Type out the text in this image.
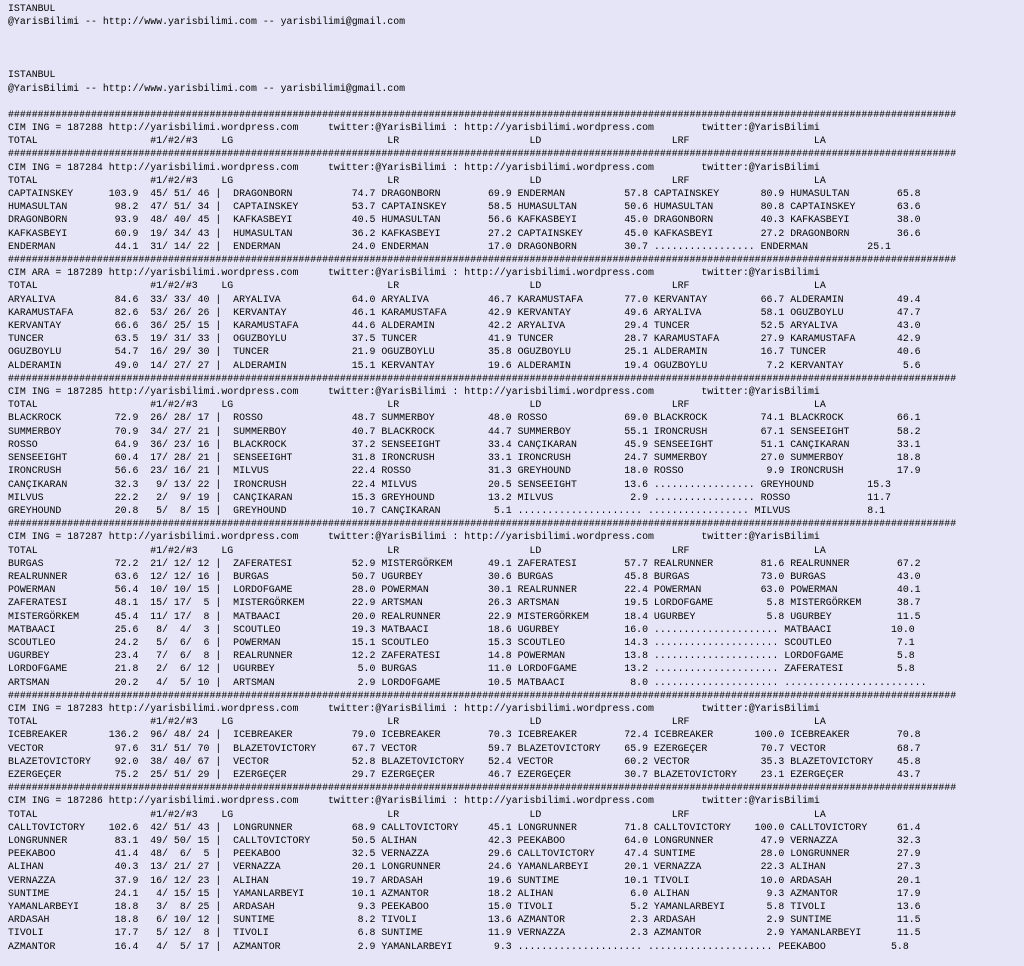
ISTANBUL
@YarisBilimi -- http://www.yarisbilimi.com -- yarisbilimi@gmail.com
ISTANBUL
@YarisBilimi -- http://www.yarisbilimi.com -- yarisbilimi@gmail.com
################################################################################################################################################################
CIM ING = 187288 http://yarisbilimi.wordpress.com     twitter:@YarisBilimi : http://yarisbilimi.wordpress.com        twitter:@YarisBilimi
TOTAL                   #1/#2/#3    LG                          LR                      LD                      LRF                     LA
################################################################################################################################################################
CIM ING = 187284 http://yarisbilimi.wordpress.com     twitter:@YarisBilimi : http://yarisbilimi.wordpress.com        twitter:@YarisBilimi
TOTAL                   #1/#2/#3    LG                          LR                      LD                      LRF                     LA
CAPTAINSKEY      103.9  45/ 51/ 46 |  DRAGONBORN          74.7 DRAGONBORN        69.9 ENDERMAN          57.8 CAPTAINSKEY       80.9 HUMASULTAN        65.8
HUMASULTAN        98.2  47/ 51/ 34 |  CAPTAINSKEY         53.7 CAPTAINSKEY       58.5 HUMASULTAN        50.6 HUMASULTAN        80.8 CAPTAINSKEY       63.6
DRAGONBORN        93.9  48/ 40/ 45 |  KAFKASBEYI          40.5 HUMASULTAN        56.6 KAFKASBEYI        45.0 DRAGONBORN        40.3 KAFKASBEYI        38.0
KAFKASBEYI        60.9  19/ 34/ 43 |  HUMASULTAN          36.2 KAFKASBEYI        27.2 CAPTAINSKEY       45.0 KAFKASBEYI        27.2 DRAGONBORN        36.6
ENDERMAN          44.1  31/ 14/ 22 |  ENDERMAN            24.0 ENDERMAN          17.0 DRAGONBORN        30.7 ................. ENDERMAN          25.1
################################################################################################################################################################
CIM ARA = 187289 http://yarisbilimi.wordpress.com     twitter:@YarisBilimi : http://yarisbilimi.wordpress.com        twitter:@YarisBilimi
TOTAL                   #1/#2/#3    LG                          LR                      LD                      LRF                     LA
ARYALIVA          84.6  33/ 33/ 40 |  ARYALIVA            64.0 ARYALIVA          46.7 KARAMUSTAFA       77.0 KERVANTAY         66.7 ALDERAMIN         49.4
KARAMUSTAFA       82.6  53/ 26/ 26 |  KERVANTAY           46.1 KARAMUSTAFA       42.9 KERVANTAY         49.6 ARYALIVA          58.1 OGUZBOYLU         47.7
KERVANTAY         66.6  36/ 25/ 15 |  KARAMUSTAFA         44.6 ALDERAMIN         42.2 ARYALIVA          29.4 TUNCER            52.5 ARYALIVA          43.0
TUNCER            63.5  19/ 31/ 33 |  OGUZBOYLU           37.5 TUNCER            41.9 TUNCER            28.7 KARAMUSTAFA       27.9 KARAMUSTAFA       42.9
OGUZBOYLU         54.7  16/ 29/ 30 |  TUNCER              21.9 OGUZBOYLU         35.8 OGUZBOYLU         25.1 ALDERAMIN         16.7 TUNCER            40.6
ALDERAMIN         49.0  14/ 27/ 27 |  ALDERAMIN           15.1 KERVANTAY         19.6 ALDERAMIN         19.4 OGUZBOYLU          7.2 KERVANTAY          5.6
################################################################################################################################################################
CIM ING = 187285 http://yarisbilimi.wordpress.com     twitter:@YarisBilimi : http://yarisbilimi.wordpress.com        twitter:@YarisBilimi
TOTAL                   #1/#2/#3    LG                          LR                      LD                      LRF                     LA
BLACKROCK         72.9  26/ 28/ 17 |  ROSSO               48.7 SUMMERBOY         48.0 ROSSO             69.0 BLACKROCK         74.1 BLACKROCK         66.1
SUMMERBOY         70.9  34/ 27/ 21 |  SUMMERBOY           40.7 BLACKROCK         44.7 SUMMERBOY         55.1 IRONCRUSH         67.1 SENSEEIGHT        58.2
ROSSO             64.9  36/ 23/ 16 |  BLACKROCK           37.2 SENSEEIGHT        33.4 CANÇIKARAN        45.9 SENSEEIGHT        51.1 CANÇIKARAN        33.1
SENSEEIGHT        60.4  17/ 28/ 21 |  SENSEEIGHT          31.8 IRONCRUSH         33.1 IRONCRUSH         24.7 SUMMERBOY         27.0 SUMMERBOY         18.8
IRONCRUSH         56.6  23/ 16/ 21 |  MILVUS              22.4 ROSSO             31.3 GREYHOUND         18.0 ROSSO              9.9 IRONCRUSH         17.9
CANÇIKARAN        32.3   9/ 13/ 22 |  IRONCRUSH           22.4 MILVUS            20.5 SENSEEIGHT        13.6 ................. GREYHOUND         15.3
MILVUS            22.2   2/  9/ 19 |  CANÇIKARAN          15.3 GREYHOUND         13.2 MILVUS             2.9 ................. ROSSO             11.7
GREYHOUND         20.8   5/  8/ 15 |  GREYHOUND           10.7 CANÇIKARAN         5.1 ..................... ................. MILVUS             8.1
################################################################################################################################################################
CIM ING = 187287 http://yarisbilimi.wordpress.com     twitter:@YarisBilimi : http://yarisbilimi.wordpress.com        twitter:@YarisBilimi
TOTAL                   #1/#2/#3    LG                          LR                      LD                      LRF                     LA
BURGAS            72.2  21/ 12/ 12 |  ZAFERATESI          52.9 MISTERGÖRKEM      49.1 ZAFERATESI        57.7 REALRUNNER        81.6 REALRUNNER        67.2
REALRUNNER        63.6  12/ 12/ 16 |  BURGAS              50.7 UGURBEY           30.6 BURGAS            45.8 BURGAS            73.0 BURGAS            43.0
POWERMAN          56.4  10/ 10/ 15 |  LORDOFGAME          28.0 POWERMAN          30.1 REALRUNNER        22.4 POWERMAN          63.0 POWERMAN          40.1
ZAFERATESI        48.1  15/ 17/  5 |  MISTERGÖRKEM        22.9 ARTSMAN           26.3 ARTSMAN           19.5 LORDOFGAME         5.8 MISTERGÖRKEM      38.7
MISTERGÖRKEM      45.4  11/ 17/  8 |  MATBAACI            20.0 REALRUNNER        22.9 MISTERGÖRKEM      18.4 UGURBEY            5.8 UGURBEY           11.5
MATBAACI          25.6   8/  4/  3 |  SCOUTLEO            19.3 MATBAACI          18.6 UGURBEY           16.0 ..................... MATBAACI          10.0
SCOUTLEO          24.2   5/  6/  6 |  POWERMAN            15.1 SCOUTLEO          15.3 SCOUTLEO          14.3 ..................... SCOUTLEO           7.1
UGURBEY           23.4   7/  6/  8 |  REALRUNNER          12.2 ZAFERATESI        14.8 POWERMAN          13.8 ..................... LORDOFGAME         5.8
LORDOFGAME        21.8   2/  6/ 12 |  UGURBEY              5.0 BURGAS            11.0 LORDOFGAME        13.2 ..................... ZAFERATESI         5.8
ARTSMAN           20.2   4/  5/ 10 |  ARTSMAN              2.9 LORDOFGAME        10.5 MATBAACI           8.0 ..................... ........................
################################################################################################################################################################
CIM ING = 187283 http://yarisbilimi.wordpress.com     twitter:@YarisBilimi : http://yarisbilimi.wordpress.com        twitter:@YarisBilimi
TOTAL                   #1/#2/#3    LG                          LR                      LD                      LRF                     LA
ICEBREAKER       136.2  96/ 48/ 24 |  ICEBREAKER          79.0 ICEBREAKER        70.3 ICEBREAKER        72.4 ICEBREAKER       100.0 ICEBREAKER        70.8
VECTOR            97.6  31/ 51/ 70 |  BLAZETOVICTORY      67.7 VECTOR            59.7 BLAZETOVICTORY    65.9 EZERGEÇER         70.7 VECTOR            68.7
BLAZETOVICTORY    92.0  38/ 40/ 67 |  VECTOR              52.8 BLAZETOVICTORY    52.4 VECTOR            60.2 VECTOR            35.3 BLAZETOVICTORY    45.8
EZERGEÇER         75.2  25/ 51/ 29 |  EZERGEÇER           29.7 EZERGEÇER         46.7 EZERGEÇER         30.7 BLAZETOVICTORY    23.1 EZERGEÇER         43.7
################################################################################################################################################################
CIM ING = 187286 http://yarisbilimi.wordpress.com     twitter:@YarisBilimi : http://yarisbilimi.wordpress.com        twitter:@YarisBilimi
TOTAL                   #1/#2/#3    LG                          LR                      LD                      LRF                     LA
CALLTOVICTORY    102.6  42/ 51/ 43 |  LONGRUNNER          68.9 CALLTOVICTORY     45.1 LONGRUNNER        71.8 CALLTOVICTORY    100.0 CALLTOVICTORY     61.4
LONGRUNNER        83.1  49/ 50/ 15 |  CALLTOVICTORY       50.5 ALIHAN            42.3 PEEKABOO          64.0 LONGRUNNER        47.9 VERNAZZA          32.3
PEEKABOO          41.4  48/  6/  5 |  PEEKABOO            32.5 VERNAZZA          29.6 CALLTOVICTORY     47.4 SUNTIME           28.0 LONGRUNNER        27.9
ALIHAN            40.3  13/ 21/ 27 |  VERNAZZA            20.1 LONGRUNNER        24.6 YAMANLARBEYI      20.1 VERNAZZA          22.3 ALIHAN            27.3
VERNAZZA          37.9  16/ 12/ 23 |  ALIHAN              19.7 ARDASAH           19.6 SUNTIME           10.1 TIVOLI            10.0 ARDASAH           20.1
SUNTIME           24.1   4/ 15/ 15 |  YAMANLARBEYI        10.1 AZMANTOR          18.2 ALIHAN             6.0 ALIHAN             9.3 AZMANTOR          17.9
YAMANLARBEYI      18.8   3/  8/ 25 |  ARDASAH              9.3 PEEKABOO          15.0 TIVOLI             5.2 YAMANLARBEYI       5.8 TIVOLI            13.6
ARDASAH           18.8   6/ 10/ 12 |  SUNTIME              8.2 TIVOLI            13.6 AZMANTOR           2.3 ARDASAH            2.9 SUNTIME           11.5
TIVOLI            17.7   5/ 12/  8 |  TIVOLI               6.8 SUNTIME           11.9 VERNAZZA           2.3 AZMANTOR           2.9 YAMANLARBEYI      11.5
AZMANTOR          16.4   4/  5/ 17 |  AZMANTOR             2.9 YAMANLARBEYI       9.3 ..................... ..................... PEEKABOO           5.8
